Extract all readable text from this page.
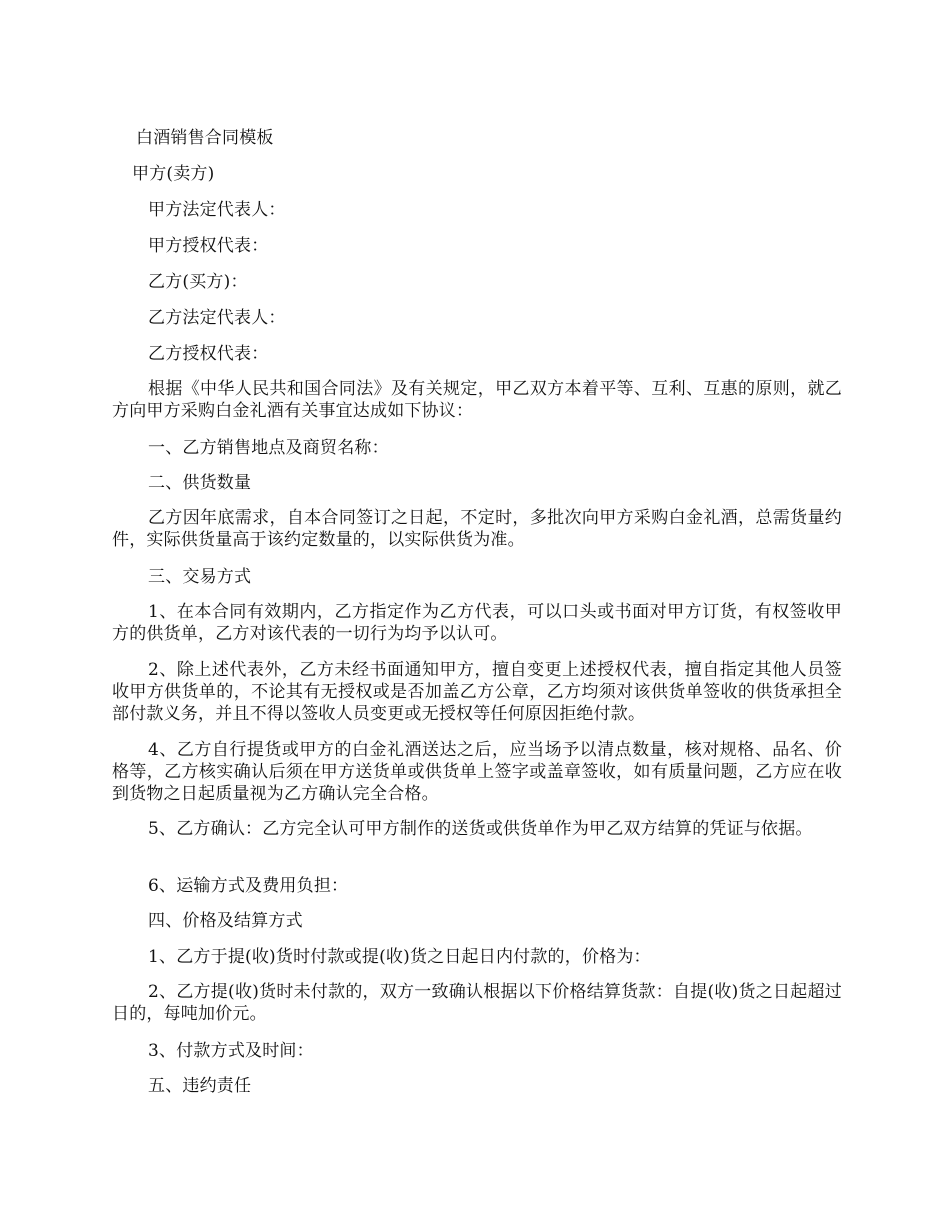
白酒销售合同模板
甲方(卖方)
甲方法定代表人：
甲方授权代表：
乙方(买方)：
乙方法定代表人：
乙方授权代表：
根据《中华人民共和国合同法》及有关规定，甲乙双方本着平等、互利、互惠的原则，就乙方向甲方采购白金礼酒有关事宜达成如下协议：
一、乙方销售地点及商贸名称：
二、供货数量
乙方因年底需求，自本合同签订之日起，不定时，多批次向甲方采购白金礼酒，总需货量约件，实际供货量高于该约定数量的，以实际供货为准。
三、交易方式
1、在本合同有效期内，乙方指定作为乙方代表，可以口头或书面对甲方订货，有权签收甲方的供货单，乙方对该代表的一切行为均予以认可。
2、除上述代表外，乙方未经书面通知甲方，擅自变更上述授权代表，擅自指定其他人员签收甲方供货单的，不论其有无授权或是否加盖乙方公章，乙方均须对该供货单签收的供货承担全部付款义务，并且不得以签收人员变更或无授权等任何原因拒绝付款。
4、乙方自行提货或甲方的白金礼酒送达之后，应当场予以清点数量，核对规格、品名、价格等，乙方核实确认后须在甲方送货单或供货单上签字或盖章签收，如有质量问题，乙方应在收到货物之日起质量视为乙方确认完全合格。
5、乙方确认：乙方完全认可甲方制作的送货或供货单作为甲乙双方结算的凭证与依据。
6、运输方式及费用负担：
四、价格及结算方式
1、乙方于提(收)货时付款或提(收)货之日起日内付款的，价格为：
2、乙方提(收)货时未付款的，双方一致确认根据以下价格结算货款：自提(收)货之日起超过日的，每吨加价元。
3、付款方式及时间：
五、违约责任
